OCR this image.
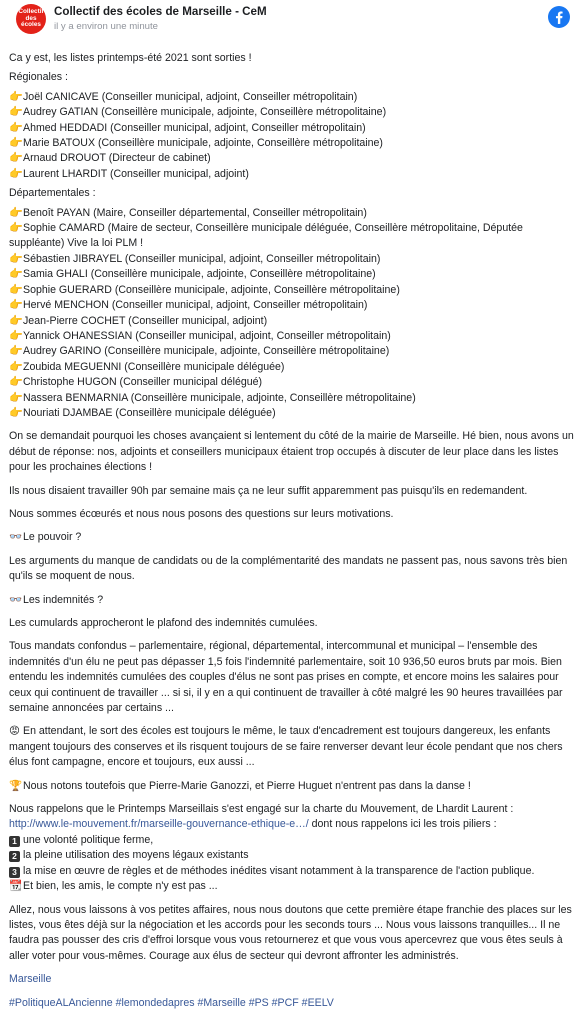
Collectif
des
écoles
Collectif des écoles de Marseille - CeM
il y a environ une minute

Ca y est, les listes printemps-été 2021 sont sorties !

Régionales :

👉Joël CANICAVE (Conseiller municipal, adjoint, Conseiller métropolitain)

👉Audrey GATIAN (Conseillère municipale, adjointe, Conseillère métropolitaine)

👉Ahmed HEDDADI (Conseiller municipal, adjoint, Conseiller métropolitain)

👉Marie BATOUX (Conseillère municipale, adjointe, Conseillère métropolitaine)

👉Arnaud DROUOT (Directeur de cabinet)

👉Laurent LHARDIT (Conseiller municipal, adjoint)

Départementales :

👉Benoît PAYAN (Maire, Conseiller départemental, Conseiller métropolitain)

👉Sophie CAMARD (Maire de secteur, Conseillère municipale déléguée, Conseillère métropolitaine, Députée suppléante) Vive la loi PLM !

👉Sébastien JIBRAYEL (Conseiller municipal, adjoint, Conseiller métropolitain)

👉Samia GHALI (Conseillère municipale, adjointe, Conseillère métropolitaine)

👉Sophie GUERARD (Conseillère municipale, adjointe, Conseillère métropolitaine)

👉Hervé MENCHON (Conseiller municipal, adjoint, Conseiller métropolitain)

👉Jean-Pierre COCHET (Conseiller municipal, adjoint)

👉Yannick OHANESSIAN (Conseiller municipal, adjoint, Conseiller métropolitain)

👉Audrey GARINO (Conseillère municipale, adjointe, Conseillère métropolitaine)

👉Zoubida MEGUENNI (Conseillère municipale déléguée)

👉Christophe HUGON (Conseiller municipal délégué)

👉Nassera BENMARNIA (Conseillère municipale, adjointe, Conseillère métropolitaine)

👉Nouriati DJAMBAE (Conseillère municipale déléguée)

On se demandait pourquoi les choses avançaient si lentement du côté de la mairie de Marseille. Hé bien, nous avons un début de réponse: nos, adjoints et conseillers municipaux étaient trop occupés à discuter de leur place dans les listes pour les prochaines élections !

Ils nous disaient travailler 90h par semaine mais ça ne leur suffit apparemment pas puisqu'ils en redemandent.

Nous sommes écœurés et nous nous posons des questions sur leurs motivations.

👓Le pouvoir ?

Les arguments du manque de candidats ou de la complémentarité des mandats ne passent pas, nous savons très bien qu'ils se moquent de nous.

👓Les indemnités ?

Les cumulards approcheront le plafond des indemnités cumulées.

Tous mandats confondus – parlementaire, régional, départemental, intercommunal et municipal – l'ensemble des indemnités d'un élu ne peut pas dépasser 1,5 fois l'indemnité parlementaire, soit 10 936,50 euros bruts par mois. Bien entendu les indemnités cumulées des couples d'élus ne sont pas prises en compte, et encore moins les salaires pour ceux qui continuent de travailler ... si si, il y en a qui continuent de travailler à côté malgré les 90 heures travaillées par semaine annoncées par certains ...

😡 En attendant, le sort des écoles est toujours le même, le taux d'encadrement est toujours dangereux, les enfants mangent toujours des conserves et ils risquent toujours de se faire renverser devant leur école pendant que nos chers élus font campagne, encore et toujours, eux aussi ...

🏆Nous notons toutefois que Pierre-Marie Ganozzi, et Pierre Huguet n'entrent pas dans la danse !

Nous rappelons que le Printemps Marseillais s'est engagé sur la charte du Mouvement, de Lhardit Laurent :

http://www.le-mouvement.fr/marseille-gouvernance-ethique-e…/ dont nous rappelons ici les trois piliers :

1 une volonté politique ferme,

2 la pleine utilisation des moyens légaux existants

3 la mise en œuvre de règles et de méthodes inédites visant notamment à la transparence de l'action publique.

📆Et bien, les amis, le compte n'y est pas ...

Allez, nous vous laissons à vos petites affaires, nous nous doutons que cette première étape franchie des places sur les listes, vous êtes déjà sur la négociation et les accords pour les seconds tours ... Nous vous laissons tranquilles... Il ne faudra pas pousser des cris d'effroi lorsque vous vous retournerez et que vous vous apercevrez que vous êtes seuls à aller voter pour vous-mêmes. Courage aux élus de secteur qui devront affronter les administrés.

Marseille

#PolitiqueALAncienne #lemondedapres #Marseille #PS #PCF #EELV
